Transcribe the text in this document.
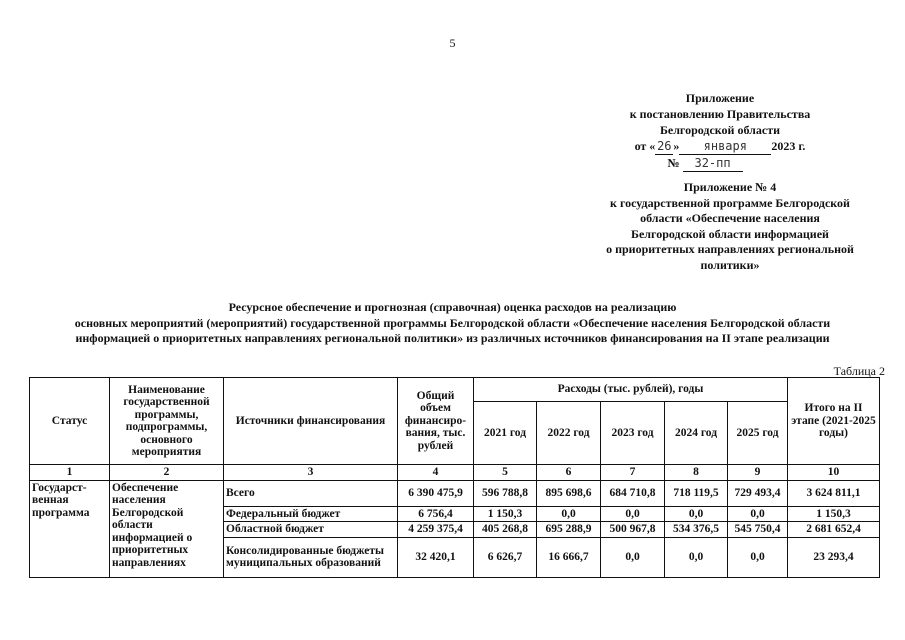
5
Приложение
к постановлению Правительства
Белгородской области
от « 26 » января 2023 г.
№ 32-пп
Приложение № 4
к государственной программе Белгородской
области «Обеспечение населения
Белгородской области информацией
о приоритетных направлениях региональной
политики»
Ресурсное обеспечение и прогнозная (справочная) оценка расходов на реализацию
основных мероприятий (мероприятий) государственной программы Белгородской области «Обеспечение населения Белгородской области
информацией о приоритетных направлениях региональной политики» из различных источников финансирования на II этапе реализации
Таблица 2
Статус	Наименование государственной программы, подпрограммы, основного мероприятия	Источники финансирования	Общий объем финансиро-вания, тыс. рублей	Расходы (тыс. рублей), годы					Итого на II этапе (2021-2025 годы)
				2021 год	2022 год	2023 год	2024 год	2025 год	
1	2	3	4	5	6	7	8	9	10
Государст-венная программа	Обеспечение населения Белгородской области информацией о приоритетных направлениях	Всего	6 390 475,9	596 788,8	895 698,6	684 710,8	718 119,5	729 493,4	3 624 811,1
		Федеральный бюджет	6 756,4	1 150,3	0,0	0,0	0,0	0,0	1 150,3
		Областной бюджет	4 259 375,4	405 268,8	695 288,9	500 967,8	534 376,5	545 750,4	2 681 652,4
		Консолидированные бюджеты муниципальных образований	32 420,1	6 626,7	16 666,7	0,0	0,0	0,0	23 293,4
